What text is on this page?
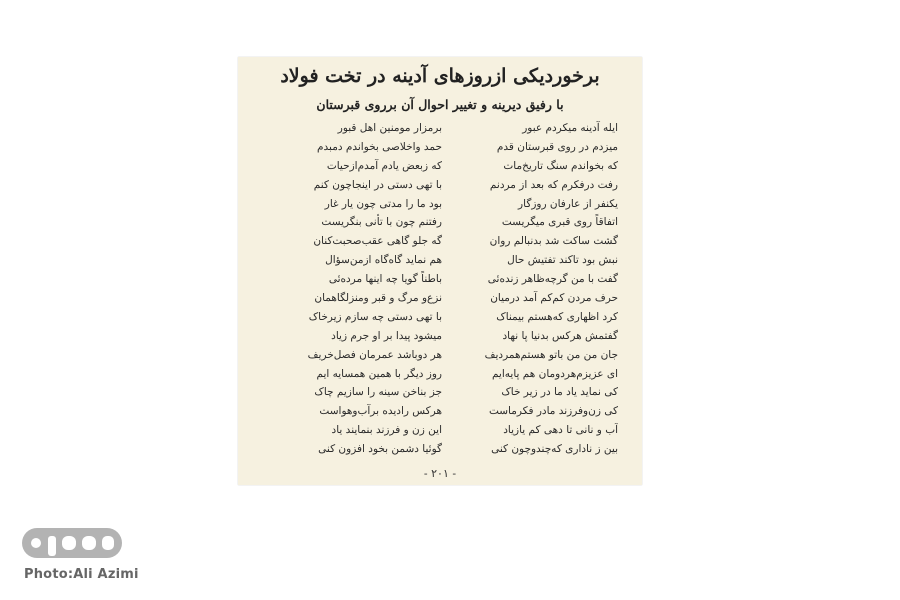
برخوردیکی ازروزهای آدینه در تخت فولاد
با رفیق دیرینه و تغییر احوال آن برروی قبرستان
ایله آدینه میکردم عبور
میزدم در روی قبرستان قدم
که بخواندم سنگ تاریخ‌مات
رفت درفکرم که بعد از مردنم
یکنفر از عارفان روزگار
اتفاقاً روی قبری میگریست
گشت ساکت شد بدنبالم روان
نبش بود تاکند تفتیش حال
گفت با من گرچه‌ظاهر زنده‌ئی
حرف مردن کم‌کم آمد درمیان
کرد اظهاری که‌هستم بیمناک
گفتمش هرکس بدنیا پا نهاد
جان من من باتو هستم‌همردیف
ای عزیزم‌هردومان هم پایه‌ایم
کی نماید یاد ما در زیر خاک
کی زن‌وفرزند مادر فکرماست
آب و نانی تا دهی کم یازیاد
بین ز ناداری که‌چندوچون کنی
برمزار مومنین اهل قبور
حمد واخلاصی بخواندم دمبدم
که زبعض یادم آمدم‌ازحیات
با تهی دستی در اینجاچون کنم
بود ما را مدتی چون یار غار
رفتنم چون با تأنی بنگریست
گه جلو گاهی عقب‌صحبت‌کنان
هم نماید گاه‌گاه ازمن‌سؤال
باطناً گویا چه اینها مرده‌ئی
نزع‌و مرگ و قبر ومنزلگاهمان
با تهی دستی چه سازم زیرخاک
میشود پیدا بر او جرم زیاد
هر دوباشد عمرمان فصل‌خریف
روز دیگر با همین همسایه ایم
جز بناخن سینه را سازیم چاک
هرکس رادیده برآب‌وهواست
این زن و فرزند بنمایند یاد
گوئیا دشمن بخود افزون کنی
- ۲۰۱ -
Photo:Ali Azimi
